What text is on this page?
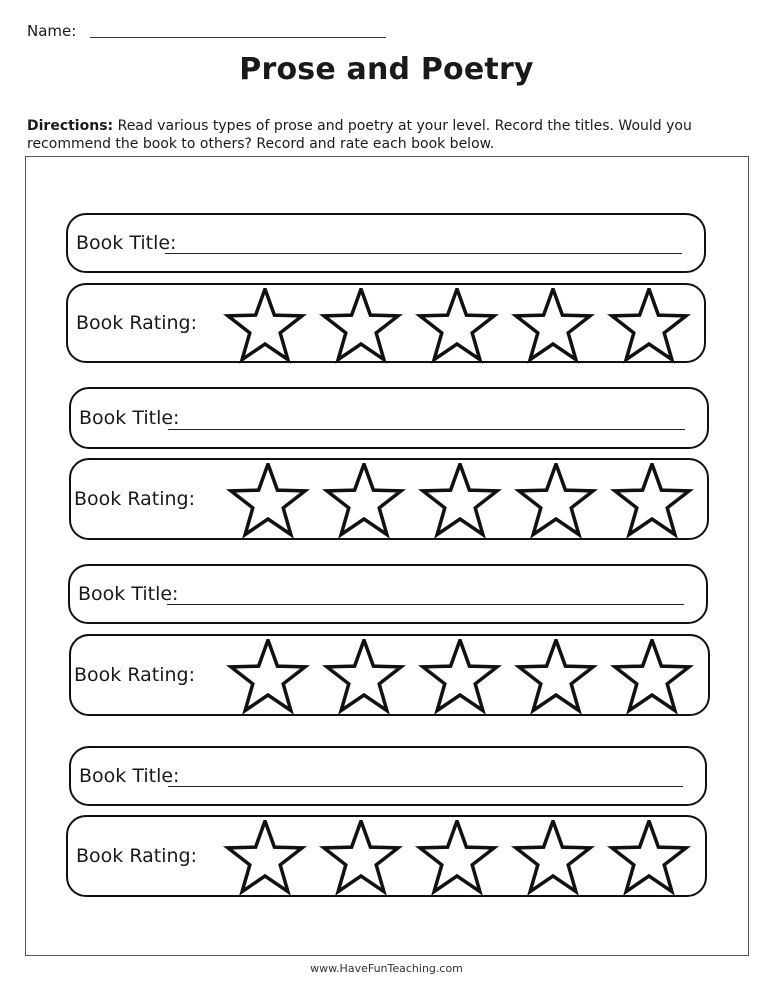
Name:
Prose and Poetry
Directions: Read various types of prose and poetry at your level. Record the titles. Would you recommend the book to others? Record and rate each book below.
Book Title:
Book Rating:
Book Title:
Book Rating:
Book Title:
Book Rating:
Book Title:
Book Rating:
www.HaveFunTeaching.com
